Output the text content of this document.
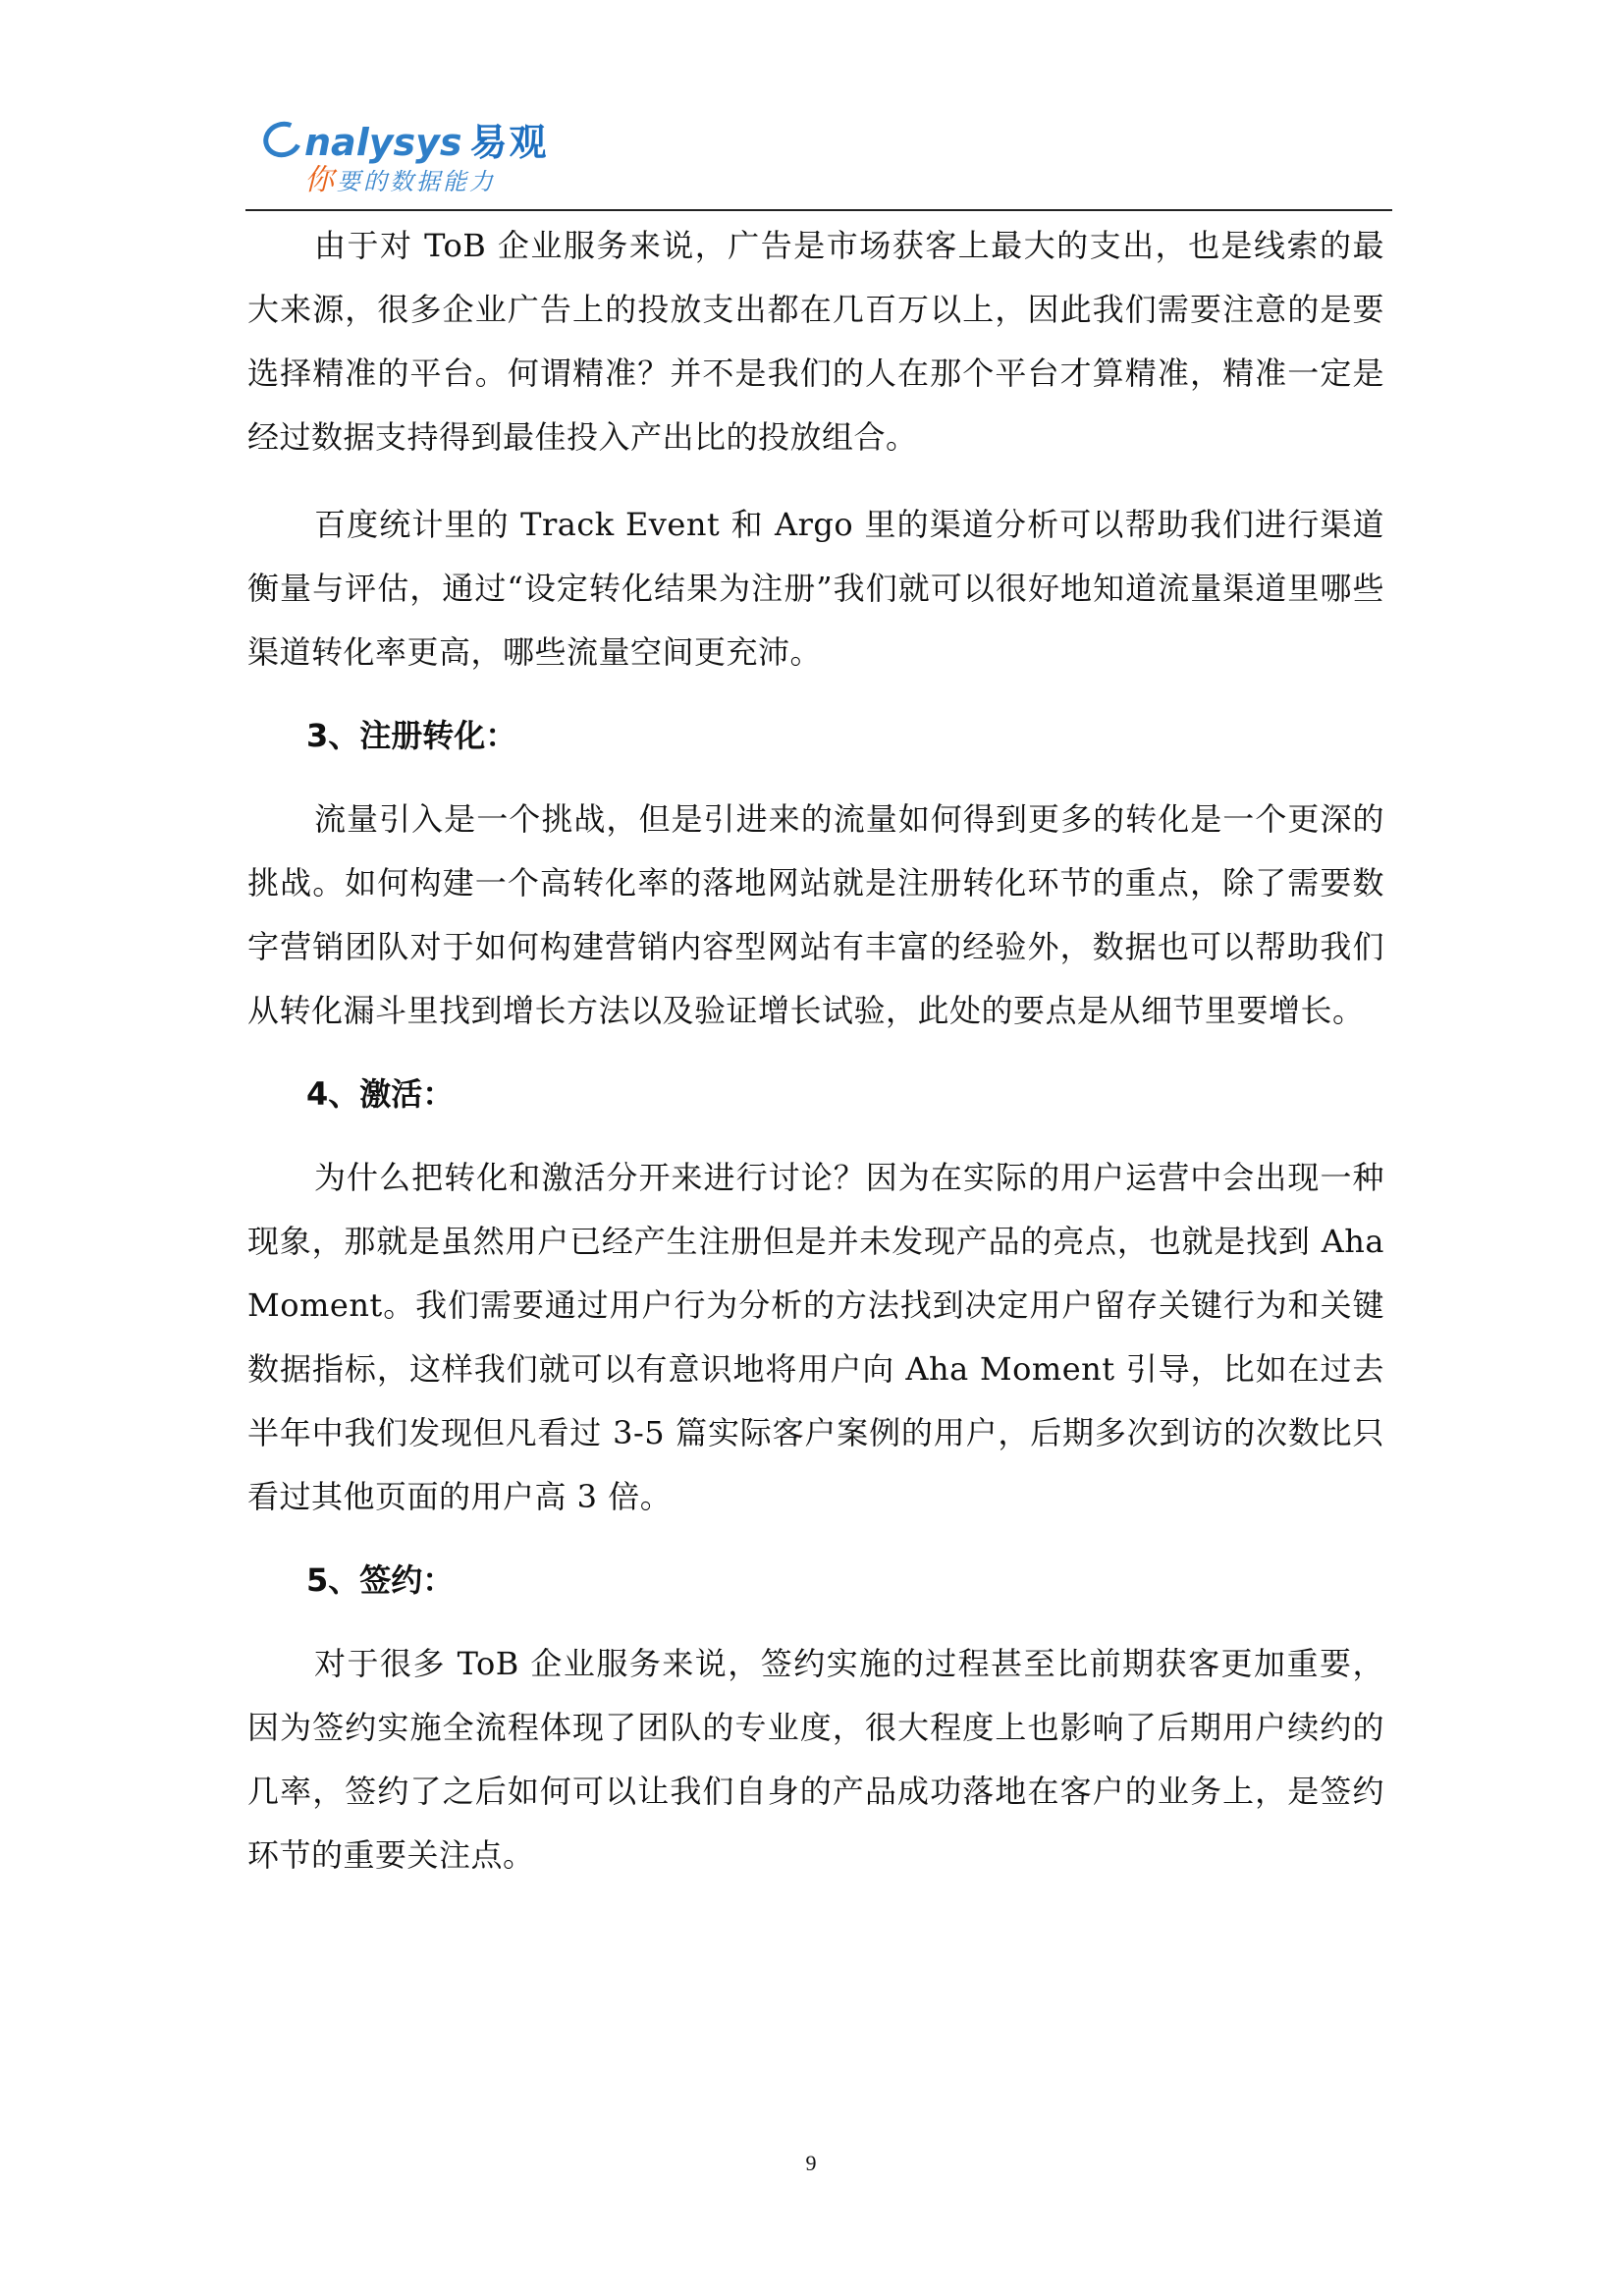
nalysys 易观
你要的数据能力

由于对 ToB 企业服务来说，广告是市场获客上最大的支出，也是线索的最大来源，很多企业广告上的投放支出都在几百万以上，因此我们需要注意的是要选择精准的平台。何谓精准？并不是我们的人在那个平台才算精准，精准一定是经过数据支持得到最佳投入产出比的投放组合。

百度统计里的 Track Event 和 Argo 里的渠道分析可以帮助我们进行渠道衡量与评估，通过“设定转化结果为注册”我们就可以很好地知道流量渠道里哪些渠道转化率更高，哪些流量空间更充沛。

3、注册转化：

流量引入是一个挑战，但是引进来的流量如何得到更多的转化是一个更深的挑战。如何构建一个高转化率的落地网站就是注册转化环节的重点，除了需要数字营销团队对于如何构建营销内容型网站有丰富的经验外，数据也可以帮助我们从转化漏斗里找到增长方法以及验证增长试验，此处的要点是从细节里要增长。

4、激活：

为什么把转化和激活分开来进行讨论？因为在实际的用户运营中会出现一种现象，那就是虽然用户已经产生注册但是并未发现产品的亮点，也就是找到 Aha Moment。我们需要通过用户行为分析的方法找到决定用户留存关键行为和关键数据指标，这样我们就可以有意识地将用户向 Aha Moment 引导，比如在过去半年中我们发现但凡看过 3-5 篇实际客户案例的用户，后期多次到访的次数比只看过其他页面的用户高 3 倍。

5、签约：

对于很多 ToB 企业服务来说，签约实施的过程甚至比前期获客更加重要，因为签约实施全流程体现了团队的专业度，很大程度上也影响了后期用户续约的几率，签约了之后如何可以让我们自身的产品成功落地在客户的业务上，是签约环节的重要关注点。

9
